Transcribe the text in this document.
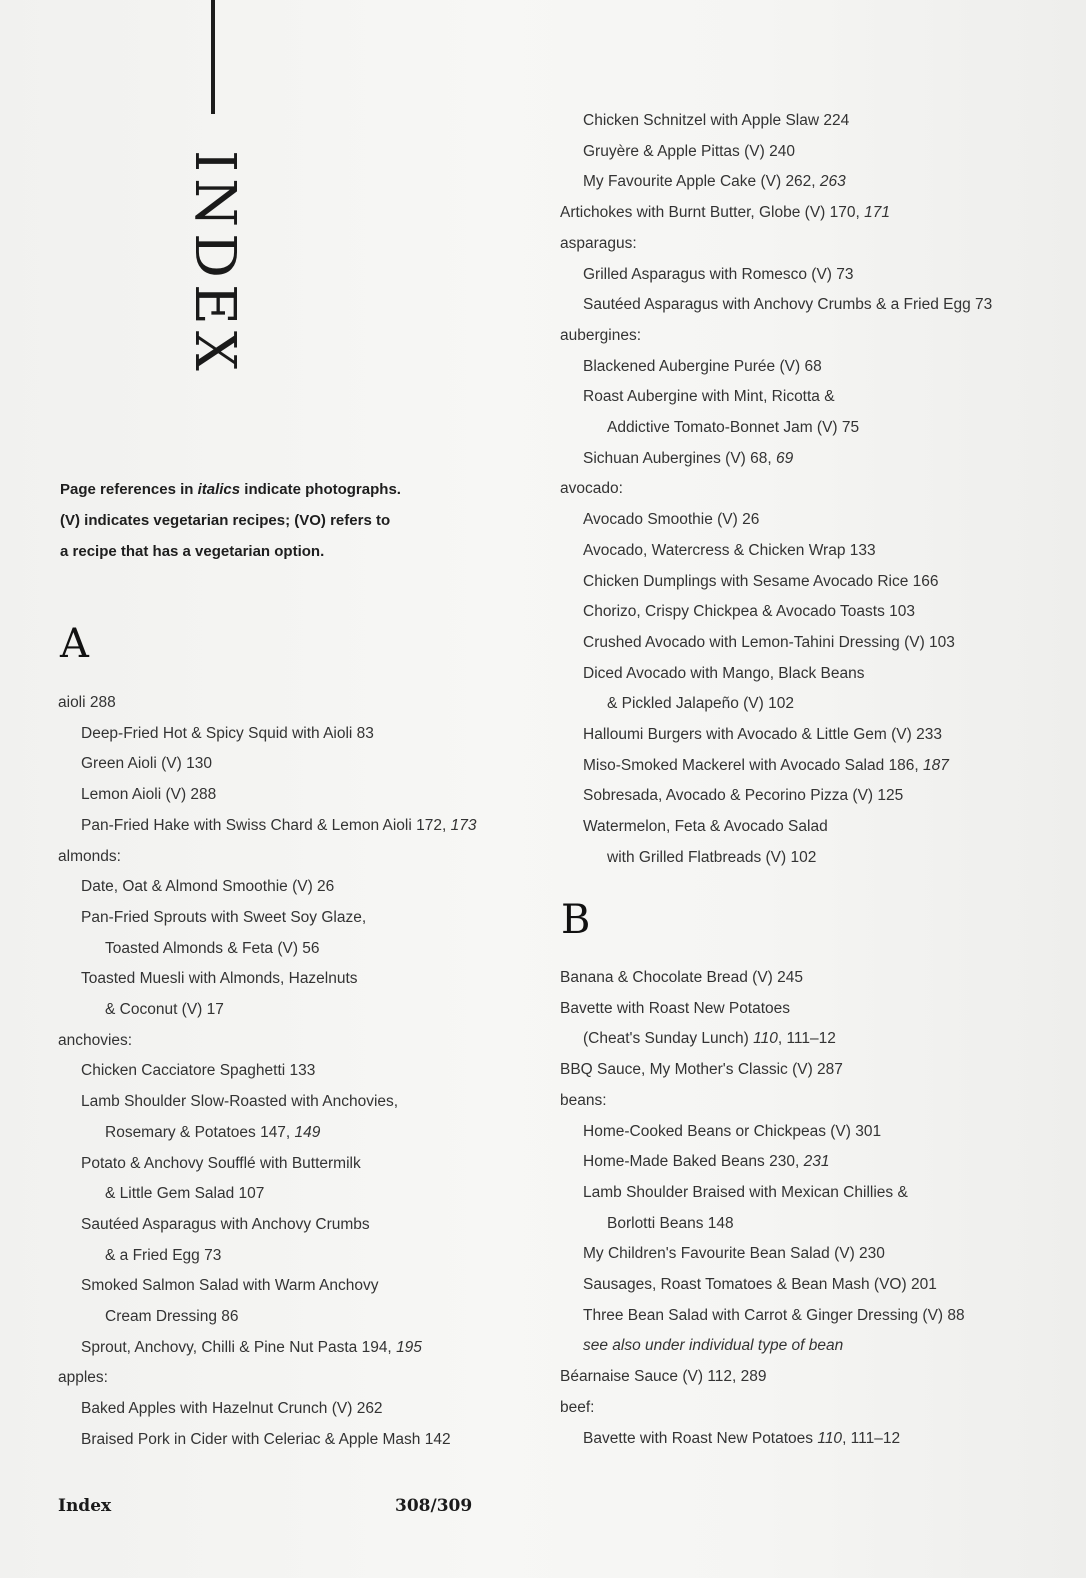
INDEX

Page references in italics indicate photographs.

(V) indicates vegetarian recipes; (VO) refers to

a recipe that has a vegetarian option.

A
aioli 288
Deep-Fried Hot & Spicy Squid with Aioli 83
Green Aioli (V) 130
Lemon Aioli (V) 288
Pan-Fried Hake with Swiss Chard & Lemon Aioli 172, 173
almonds:
Date, Oat & Almond Smoothie (V) 26
Pan-Fried Sprouts with Sweet Soy Glaze,
Toasted Almonds & Feta (V) 56
Toasted Muesli with Almonds, Hazelnuts
& Coconut (V) 17
anchovies:
Chicken Cacciatore Spaghetti 133
Lamb Shoulder Slow-Roasted with Anchovies,
Rosemary & Potatoes 147, 149
Potato & Anchovy Soufflé with Buttermilk
& Little Gem Salad 107
Sautéed Asparagus with Anchovy Crumbs
& a Fried Egg 73
Smoked Salmon Salad with Warm Anchovy
Cream Dressing 86
Sprout, Anchovy, Chilli & Pine Nut Pasta 194, 195
apples:
Baked Apples with Hazelnut Crunch (V) 262
Braised Pork in Cider with Celeriac & Apple Mash 142
Chicken Schnitzel with Apple Slaw 224
Gruyère & Apple Pittas (V) 240
My Favourite Apple Cake (V) 262, 263
Artichokes with Burnt Butter, Globe (V) 170, 171
asparagus:
Grilled Asparagus with Romesco (V) 73
Sautéed Asparagus with Anchovy Crumbs & a Fried Egg 73
aubergines:
Blackened Aubergine Purée (V) 68
Roast Aubergine with Mint, Ricotta &
Addictive Tomato-Bonnet Jam (V) 75
Sichuan Aubergines (V) 68, 69
avocado:
Avocado Smoothie (V) 26
Avocado, Watercress & Chicken Wrap 133
Chicken Dumplings with Sesame Avocado Rice 166
Chorizo, Crispy Chickpea & Avocado Toasts 103
Crushed Avocado with Lemon-Tahini Dressing (V) 103
Diced Avocado with Mango, Black Beans
& Pickled Jalapeño (V) 102
Halloumi Burgers with Avocado & Little Gem (V) 233
Miso-Smoked Mackerel with Avocado Salad 186, 187
Sobresada, Avocado & Pecorino Pizza (V) 125
Watermelon, Feta & Avocado Salad
with Grilled Flatbreads (V) 102
B
Banana & Chocolate Bread (V) 245
Bavette with Roast New Potatoes
(Cheat's Sunday Lunch) 110, 111–12
BBQ Sauce, My Mother's Classic (V) 287
beans:
Home-Cooked Beans or Chickpeas (V) 301
Home-Made Baked Beans 230, 231
Lamb Shoulder Braised with Mexican Chillies &
Borlotti Beans 148
My Children's Favourite Bean Salad (V) 230
Sausages, Roast Tomatoes & Bean Mash (VO) 201
Three Bean Salad with Carrot & Ginger Dressing (V) 88
see also under individual type of bean
Béarnaise Sauce (V) 112, 289
beef:
Bavette with Roast New Potatoes 110, 111–12
Index	308/309
